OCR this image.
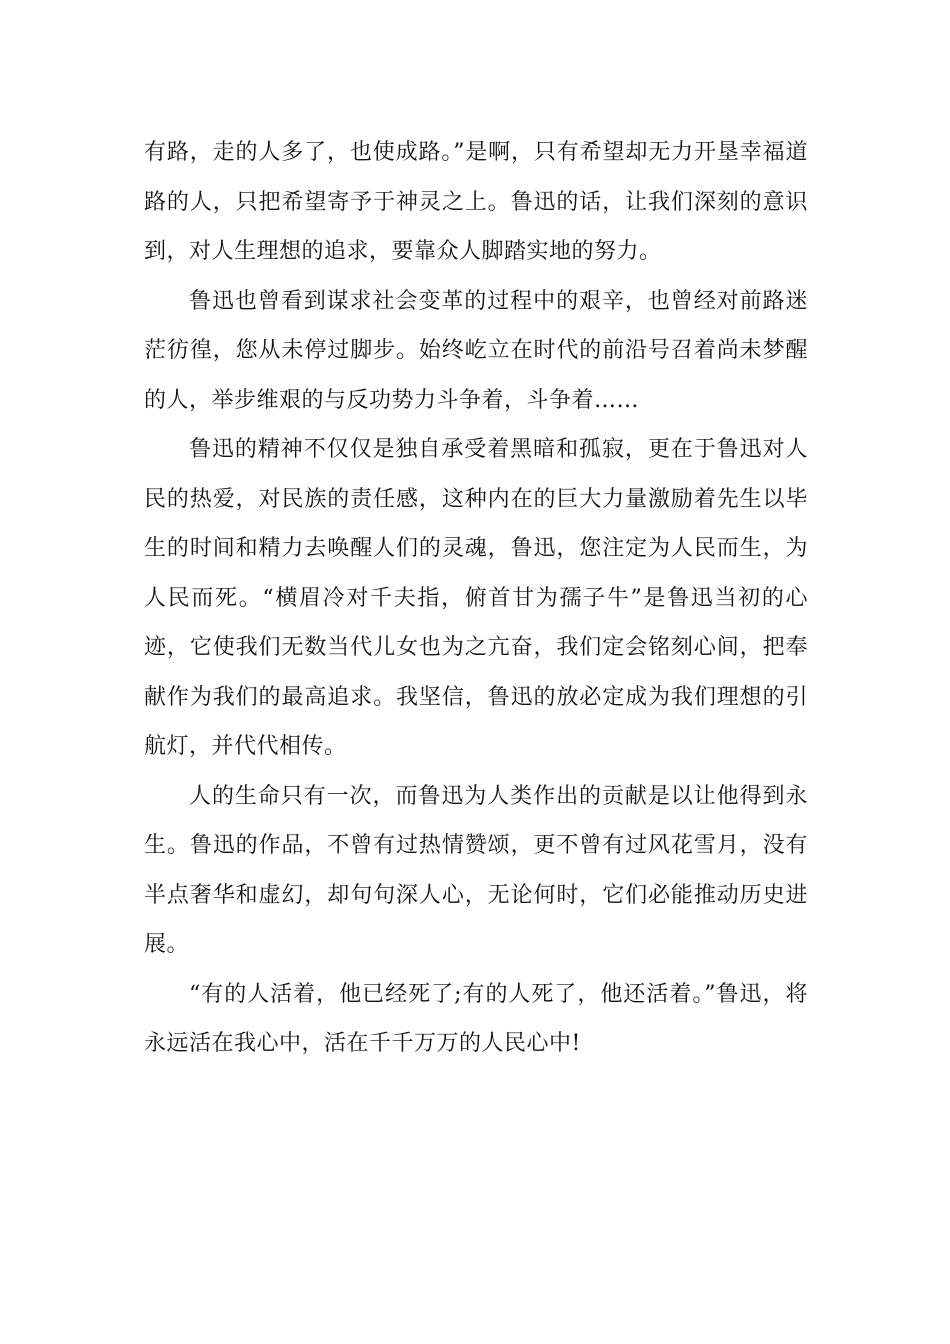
有路，走的人多了，也使成路。”是啊，只有希望却无力开垦幸福道路的人，只把希望寄予于神灵之上。鲁迅的话，让我们深刻的意识到，对人生理想的追求，要靠众人脚踏实地的努力。

鲁迅也曾看到谋求社会变革的过程中的艰辛，也曾经对前路迷茫彷徨，您从未停过脚步。始终屹立在时代的前沿号召着尚未梦醒的人，举步维艰的与反功势力斗争着，斗争着……

鲁迅的精神不仅仅是独自承受着黑暗和孤寂，更在于鲁迅对人民的热爱，对民族的责任感，这种内在的巨大力量激励着先生以毕生的时间和精力去唤醒人们的灵魂，鲁迅，您注定为人民而生，为人民而死。“横眉冷对千夫指，俯首甘为孺子牛”是鲁迅当初的心迹，它使我们无数当代儿女也为之亢奋，我们定会铭刻心间，把奉献作为我们的最高追求。我坚信，鲁迅的放必定成为我们理想的引航灯，并代代相传。

人的生命只有一次，而鲁迅为人类作出的贡献是以让他得到永生。鲁迅的作品，不曾有过热情赞颂，更不曾有过风花雪月，没有半点奢华和虚幻，却句句深人心，无论何时，它们必能推动历史进展。

“有的人活着，他已经死了;有的人死了，他还活着。”鲁迅，将永远活在我心中，活在千千万万的人民心中!
